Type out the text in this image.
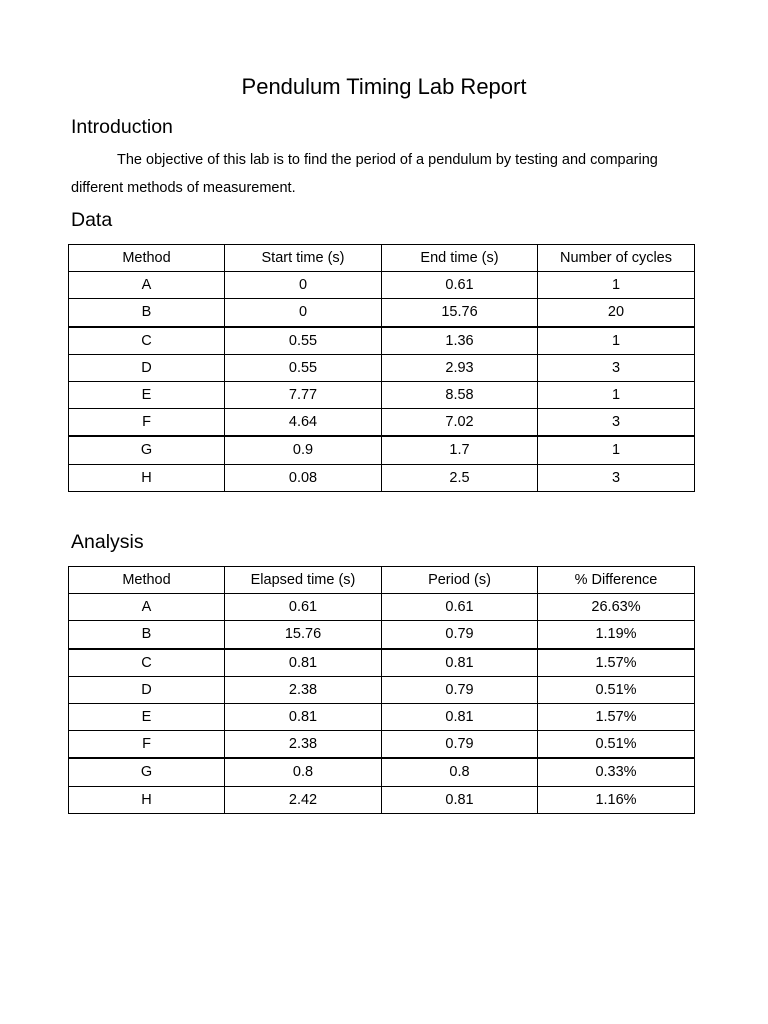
Pendulum Timing Lab Report
Introduction
The objective of this lab is to find the period of a pendulum by testing and comparing different methods of measurement.
Data
Method	Start time (s)	End time (s)	Number of cycles
A	0	0.61	1
B	0	15.76	20
C	0.55	1.36	1
D	0.55	2.93	3
E	7.77	8.58	1
F	4.64	7.02	3
G	0.9	1.7	1
H	0.08	2.5	3
Analysis
Method	Elapsed time (s)	Period (s)	% Difference
A	0.61	0.61	26.63%
B	15.76	0.79	1.19%
C	0.81	0.81	1.57%
D	2.38	0.79	0.51%
E	0.81	0.81	1.57%
F	2.38	0.79	0.51%
G	0.8	0.8	0.33%
H	2.42	0.81	1.16%
